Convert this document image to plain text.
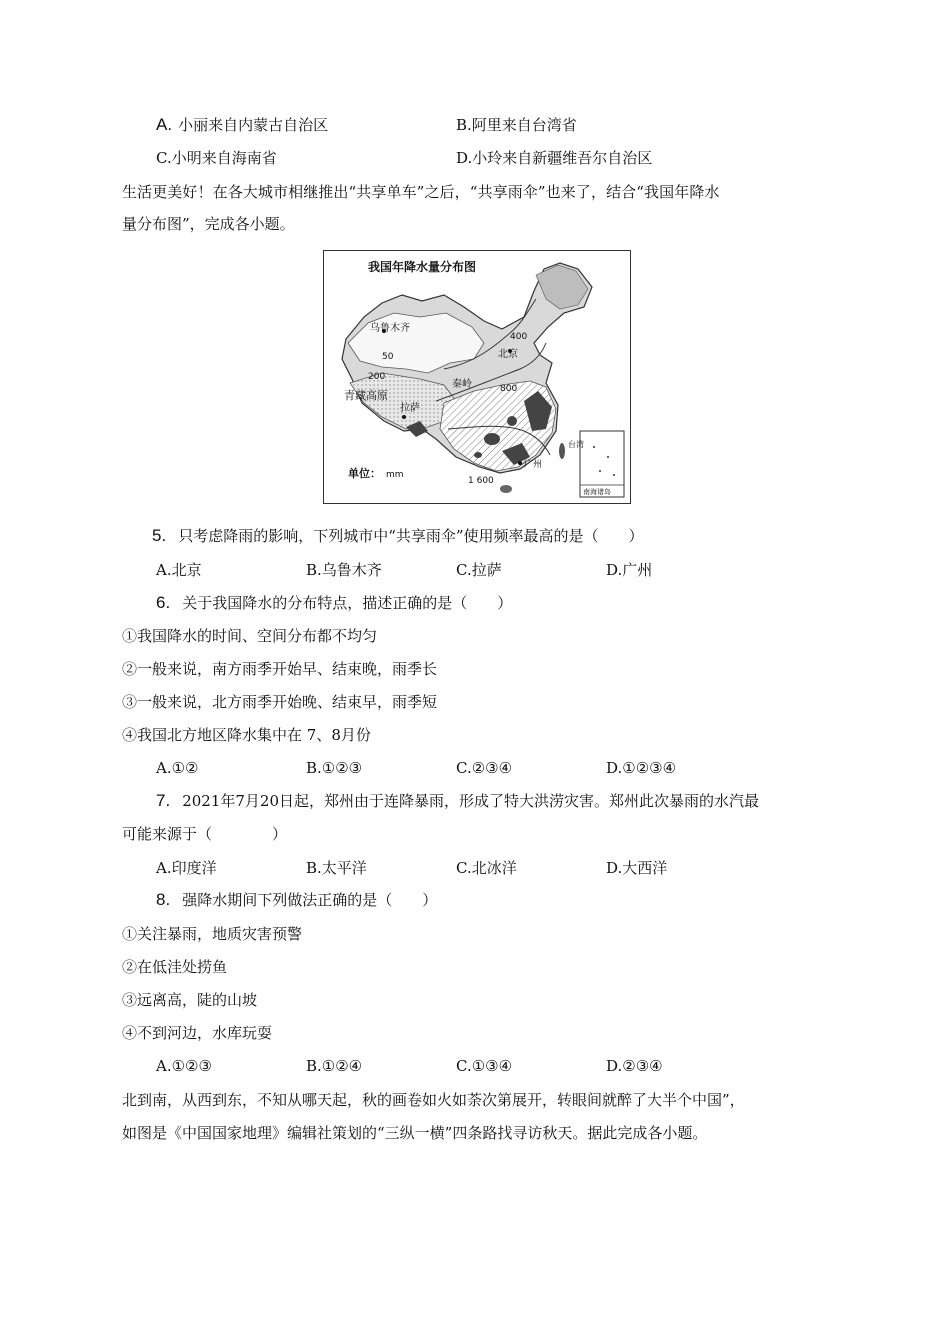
A. 小丽来自内蒙古自治区	B.阿里来自台湾省
C.小明来自海南省	D.小玲来自新疆维吾尔自治区
生活更美好！在各大城市相继推出“共享单车”之后，“共享雨伞”也来了，结合“我国年降水
量分布图”，完成各小题。
我国年降水量分布图
乌鲁木齐
北京
青藏高原
拉萨
秦岭
广州
台湾
50
200
400
800
1 600
单位： mm
南海诸岛
5. 只考虑降雨的影响，下列城市中“共享雨伞”使用频率最高的是（　　）
A.北京	B.乌鲁木齐	C.拉萨	D.广州
6. 关于我国降水的分布特点，描述正确的是（　　）
①我国降水的时间、空间分布都不均匀
②一般来说，南方雨季开始早、结束晚，雨季长
③一般来说，北方雨季开始晚、结束早，雨季短
④我国北方地区降水集中在 7、8月份
A.①②	B.①②③	C.②③④	D.①②③④
7. 2021年7月20日起，郑州由于连降暴雨，形成了特大洪涝灾害。郑州此次暴雨的水汽最
可能来源于（　　　　）
A.印度洋	B.太平洋	C.北冰洋	D.大西洋
8. 强降水期间下列做法正确的是（　　）
①关注暴雨，地质灾害预警
②在低洼处捞鱼
③远离高，陡的山坡
④不到河边，水库玩耍
A.①②③	B.①②④	C.①③④	D.②③④
北到南，从西到东，不知从哪天起，秋的画卷如火如荼次第展开，转眼间就醉了大半个中国”，
如图是《中国国家地理》编辑社策划的“三纵一横”四条路找寻访秋天。据此完成各小题。
